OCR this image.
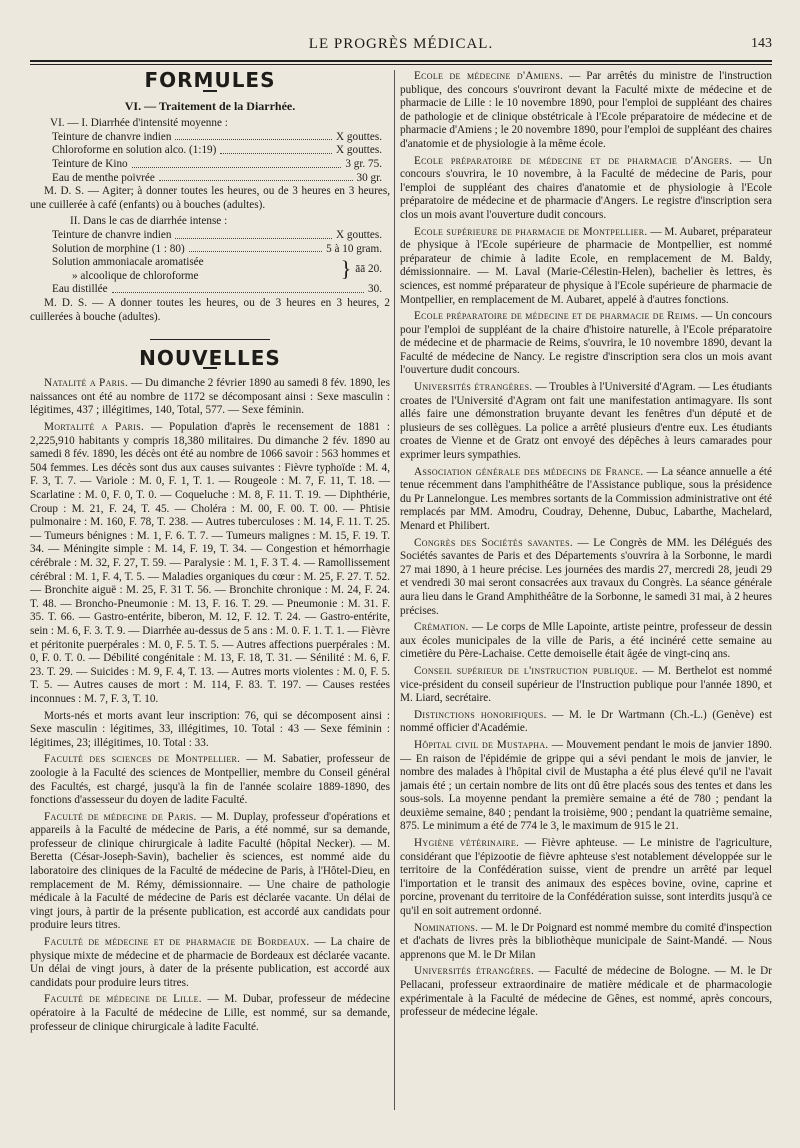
LE PROGRÈS MÉDICAL.	143
FORMULES
VI. — Traitement de la Diarrhée.

VI. — I. Diarrhée d'intensité moyenne :

Teinture de chanvre indien	X gouttes.
Chloroforme en solution alco. (1:19)	X gouttes.
Teinture de Kino	3 gr. 75.
Eau de menthe poivrée	30 gr.

M. D. S. — Agiter; à donner toutes les heures, ou de 3 heures en 3 heures, une cuillerée à café (enfants) ou à bouches (adultes).

II. Dans le cas de diarrhée intense :

Teinture de chanvre indien	X gouttes.
Solution de morphine (1 : 80)	5 à 10 gram.
Solution ammoniacale aromatisée
» alcoolique de chloroforme	} āā 20.
Eau distillée	30.

M. D. S. — A donner toutes les heures, ou de 3 heures en 3 heures, 2 cuillerées à bouche (adultes).

NOUVELLES

Natalité a Paris. — Du dimanche 2 février 1890 au samedi 8 fév. 1890, les naissances ont été au nombre de 1172 se décomposant ainsi : Sexe masculin : légitimes, 437 ; illégitimes, 140, Total, 577. — Sexe féminin.

Mortalité a Paris. — Population d'après le recensement de 1881 : 2,225,910 habitants y compris 18,380 militaires. Du dimanche 2 fév. 1890 au samedi 8 fév. 1890, les décès ont été au nombre de 1066 savoir : 563 hommes et 504 femmes. Les décès sont dus aux causes suivantes : Fièvre typhoïde : M. 4, F. 3, T. 7. — Variole : M. 0, F. 1, T. 1. — Rougeole : M. 7, F. 11, T. 18. — Scarlatine : M. 0, F. 0, T. 0. — Coqueluche : M. 8, F. 11. T. 19. — Diphthérie, Croup : M. 21, F. 24, T. 45. — Choléra : M. 00, F. 00. T. 00. — Phtisie pulmonaire : M. 160, F. 78, T. 238. — Autres tuberculoses : M. 14, F. 11. T. 25. — Tumeurs bénignes : M. 1, F. 6. T. 7. — Tumeurs malignes : M. 15, F. 19. T. 34. — Méningite simple : M. 14, F. 19, T. 34. — Congestion et hémorrhagie cérébrale : M. 32, F. 27, T. 59. — Paralysie : M. 1, F. 3 T. 4. — Ramollissement cérébral : M. 1, F. 4, T. 5. — Maladies organiques du cœur : M. 25, F. 27. T. 52. — Bronchite aiguë : M. 25, F. 31 T. 56. — Bronchite chronique : M. 24, F. 24. T. 48. — Broncho-Pneumonie : M. 13, F. 16. T. 29. — Pneumonie : M. 31. F. 35. T. 66. — Gastro-entérite, biberon, M. 12, F. 12. T. 24. — Gastro-entérite, sein : M. 6, F. 3. T. 9. — Diarrhée au-dessus de 5 ans : M. 0. F. 1. T. 1. — Fièvre et péritonite puerpérales : M. 0, F. 5. T. 5. — Autres affections puerpérales : M. 0, F. 0. T. 0. — Débilité congénitale : M. 13, F. 18, T. 31. — Sénilité : M. 6, F. 23. T. 29. — Suicides : M. 9, F. 4, T. 13. — Autres morts violentes : M. 0, F. 5. T. 5. — Autres causes de mort : M. 114, F. 83. T. 197. — Causes restées inconnues : M. 7, F. 3, T. 10.

Morts-nés et morts avant leur inscription: 76, qui se décomposent ainsi : Sexe masculin : légitimes, 33, illégitimes, 10. Total : 43 — Sexe féminin : légitimes, 23; illégitimes, 10. Total : 33.

Faculté des sciences de Montpellier. — M. Sabatier, professeur de zoologie à la Faculté des sciences de Montpellier, membre du Conseil général des Facultés, est chargé, jusqu'à la fin de l'année scolaire 1889-1890, des fonctions d'assesseur du doyen de ladite Faculté.

Faculté de médecine de Paris. — M. Duplay, professeur d'opérations et appareils à la Faculté de médecine de Paris, a été nommé, sur sa demande, professeur de clinique chirurgicale à ladite Faculté (hôpital Necker). — M. Beretta (César-Joseph-Savin), bachelier ès sciences, est nommé aide du laboratoire des cliniques de la Faculté de médecine de Paris, à l'Hôtel-Dieu, en remplacement de M. Rémy, démissionnaire. — Une chaire de pathologie médicale à la Faculté de médecine de Paris est déclarée vacante. Un délai de vingt jours, à partir de la présente publication, est accordé aux candidats pour produire leurs titres.

Faculté de médecine et de pharmacie de Bordeaux. — La chaire de physique mixte de médecine et de pharmacie de Bordeaux est déclarée vacante. Un délai de vingt jours, à dater de la présente publication, est accordé aux candidats pour produire leurs titres.

Faculté de médecine de Lille. — M. Dubar, professeur de médecine opératoire à la Faculté de médecine de Lille, est nommé, sur sa demande, professeur de clinique chirurgicale à ladite Faculté.

Ecole de médecine d'Amiens. — Par arrêtés du ministre de l'instruction publique, des concours s'ouvriront devant la Faculté mixte de médecine et de pharmacie de Lille : le 10 novembre 1890, pour l'emploi de suppléant des chaires de pathologie et de clinique obstétricale à l'Ecole préparatoire de médecine et de pharmacie d'Amiens ; le 20 novembre 1890, pour l'emploi de suppléant des chaires d'anatomie et de physiologie à la même école.

Ecole préparatoire de médecine et de pharmacie d'Angers. — Un concours s'ouvrira, le 10 novembre, à la Faculté de médecine de Paris, pour l'emploi de suppléant des chaires d'anatomie et de physiologie à l'Ecole préparatoire de médecine et de pharmacie d'Angers. Le registre d'inscription sera clos un mois avant l'ouverture dudit concours.

Ecole supérieure de pharmacie de Montpellier. — M. Aubaret, préparateur de physique à l'Ecole supérieure de pharmacie de Montpellier, est nommé préparateur de chimie à ladite Ecole, en remplacement de M. Baldy, démissionnaire. — M. Laval (Marie-Célestin-Helen), bachelier ès lettres, ès sciences, est nommé préparateur de physique à l'Ecole supérieure de pharmacie de Montpellier, en remplacement de M. Aubaret, appelé à d'autres fonctions.

Ecole préparatoire de médecine et de pharmacie de Reims. — Un concours pour l'emploi de suppléant de la chaire d'histoire naturelle, à l'Ecole préparatoire de médecine et de pharmacie de Reims, s'ouvrira, le 10 novembre 1890, devant la Faculté de médecine de Nancy. Le registre d'inscription sera clos un mois avant l'ouverture dudit concours.

Universités étrangères. — Troubles à l'Université d'Agram. — Les étudiants croates de l'Université d'Agram ont fait une manifestation antimagyare. Ils sont allés faire une démonstration bruyante devant les fenêtres d'un député et de plusieurs de ses collègues. La police a arrêté plusieurs d'entre eux. Les étudiants croates de Vienne et de Gratz ont envoyé des dépêches à leurs camarades pour exprimer leurs sympathies.

Association générale des médecins de France. — La séance annuelle a été tenue récemment dans l'amphithéâtre de l'Assistance publique, sous la présidence du Pr Lannelongue. Les membres sortants de la Commission administrative ont été remplacés par MM. Amodru, Coudray, Dehenne, Dubuc, Labarthe, Machelard, Menard et Philibert.

Congrès des Sociétés savantes. — Le Congrès de MM. les Délégués des Sociétés savantes de Paris et des Départements s'ouvrira à la Sorbonne, le mardi 27 mai 1890, à 1 heure précise. Les journées des mardis 27, mercredi 28, jeudi 29 et vendredi 30 mai seront consacrées aux travaux du Congrès. La séance générale aura lieu dans le Grand Amphithéâtre de la Sorbonne, le samedi 31 mai, à 2 heures précises.

Crémation. — Le corps de Mlle Lapointe, artiste peintre, professeur de dessin aux écoles municipales de la ville de Paris, a été incinéré cette semaine au cimetière du Père-Lachaise. Cette demoiselle était âgée de vingt-cinq ans.

Conseil supérieur de l'instruction publique. — M. Berthelot est nommé vice-président du conseil supérieur de l'Instruction publique pour l'année 1890, et M. Liard, secrétaire.

Distinctions honorifiques. — M. le Dr Wartmann (Ch.-L.) (Genève) est nommé officier d'Académie.

Hôpital civil de Mustapha. — Mouvement pendant le mois de janvier 1890. — En raison de l'épidémie de grippe qui a sévi pendant le mois de janvier, le nombre des malades à l'hôpital civil de Mustapha a été plus élevé qu'il ne l'avait jamais été ; un certain nombre de lits ont dû être placés sous des tentes et dans les sous-sols. La moyenne pendant la première semaine a été de 780 ; pendant la deuxième semaine, 840 ; pendant la troisième, 900 ; pendant la quatrième semaine, 875. Le minimum a été de 774 le 3, le maximum de 915 le 21.

Hygiène vétérinaire. — Fièvre aphteuse. — Le ministre de l'agriculture, considérant que l'épizootie de fièvre aphteuse s'est notablement développée sur le territoire de la Confédération suisse, vient de prendre un arrêté par lequel l'importation et le transit des animaux des espèces bovine, ovine, caprine et porcine, provenant du territoire de la Confédération suisse, sont interdits jusqu'à ce qu'il en soit autrement ordonné.

Nominations. — M. le Dr Poignard est nommé membre du comité d'inspection et d'achats de livres près la bibliothèque municipale de Saint-Mandé. — Nous apprenons que M. le Dr Milan

Universités étrangères. — Faculté de médecine de Bologne. — M. le Dr Pellacani, professeur extraordinaire de matière médicale et de pharmacologie expérimentale à la Faculté de médecine de Gênes, est nommé, après concours, professeur de médecine légale.
